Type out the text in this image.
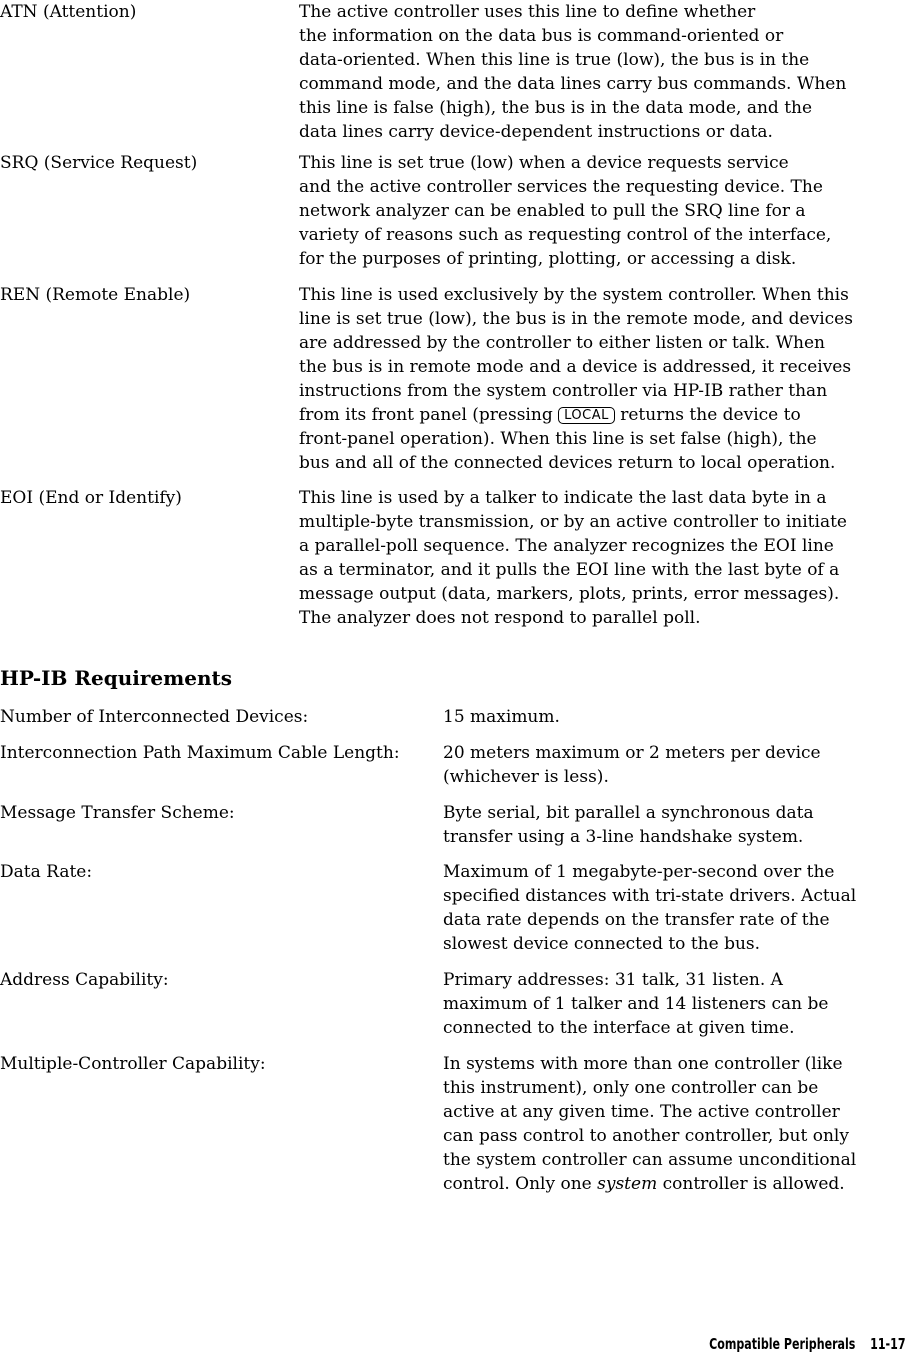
ATN (Attention)	The active controller uses this line to define whether
the information on the data bus is command-oriented or
data-oriented. When this line is true (low), the bus is in the
command mode, and the data lines carry bus commands. When
this line is false (high), the bus is in the data mode, and the
data lines carry device-dependent instructions or data.
SRQ (Service Request)	This line is set true (low) when a device requests service
and the active controller services the requesting device. The
network analyzer can be enabled to pull the SRQ line for a
variety of reasons such as requesting control of the interface,
for the purposes of printing, plotting, or accessing a disk.
REN (Remote Enable)	This line is used exclusively by the system controller. When this
line is set true (low), the bus is in the remote mode, and devices
are addressed by the controller to either listen or talk. When
the bus is in remote mode and a device is addressed, it receives
instructions from the system controller via HP-IB rather than
from its front panel (pressing LOCAL returns the device to
front-panel operation). When this line is set false (high), the
bus and all of the connected devices return to local operation.
EOI (End or Identify)	This line is used by a talker to indicate the last data byte in a
multiple-byte transmission, or by an active controller to initiate
a parallel-poll sequence. The analyzer recognizes the EOI line
as a terminator, and it pulls the EOI line with the last byte of a
message output (data, markers, plots, prints, error messages).
The analyzer does not respond to parallel poll.
HP-IB Requirements
Number of Interconnected Devices:	15 maximum.
Interconnection Path Maximum Cable Length:	20 meters maximum or 2 meters per device
(whichever is less).
Message Transfer Scheme:	Byte serial, bit parallel a synchronous data
transfer using a 3-line handshake system.
Data Rate:	Maximum of 1 megabyte-per-second over the
specified distances with tri-state drivers. Actual
data rate depends on the transfer rate of the
slowest device connected to the bus.
Address Capability:	Primary addresses: 31 talk, 31 listen. A
maximum of 1 talker and 14 listeners can be
connected to the interface at given time.
Multiple-Controller Capability:	In systems with more than one controller (like
this instrument), only one controller can be
active at any given time. The active controller
can pass control to another controller, but only
the system controller can assume unconditional
control. Only one system controller is allowed.
Compatible Peripherals 11-17
